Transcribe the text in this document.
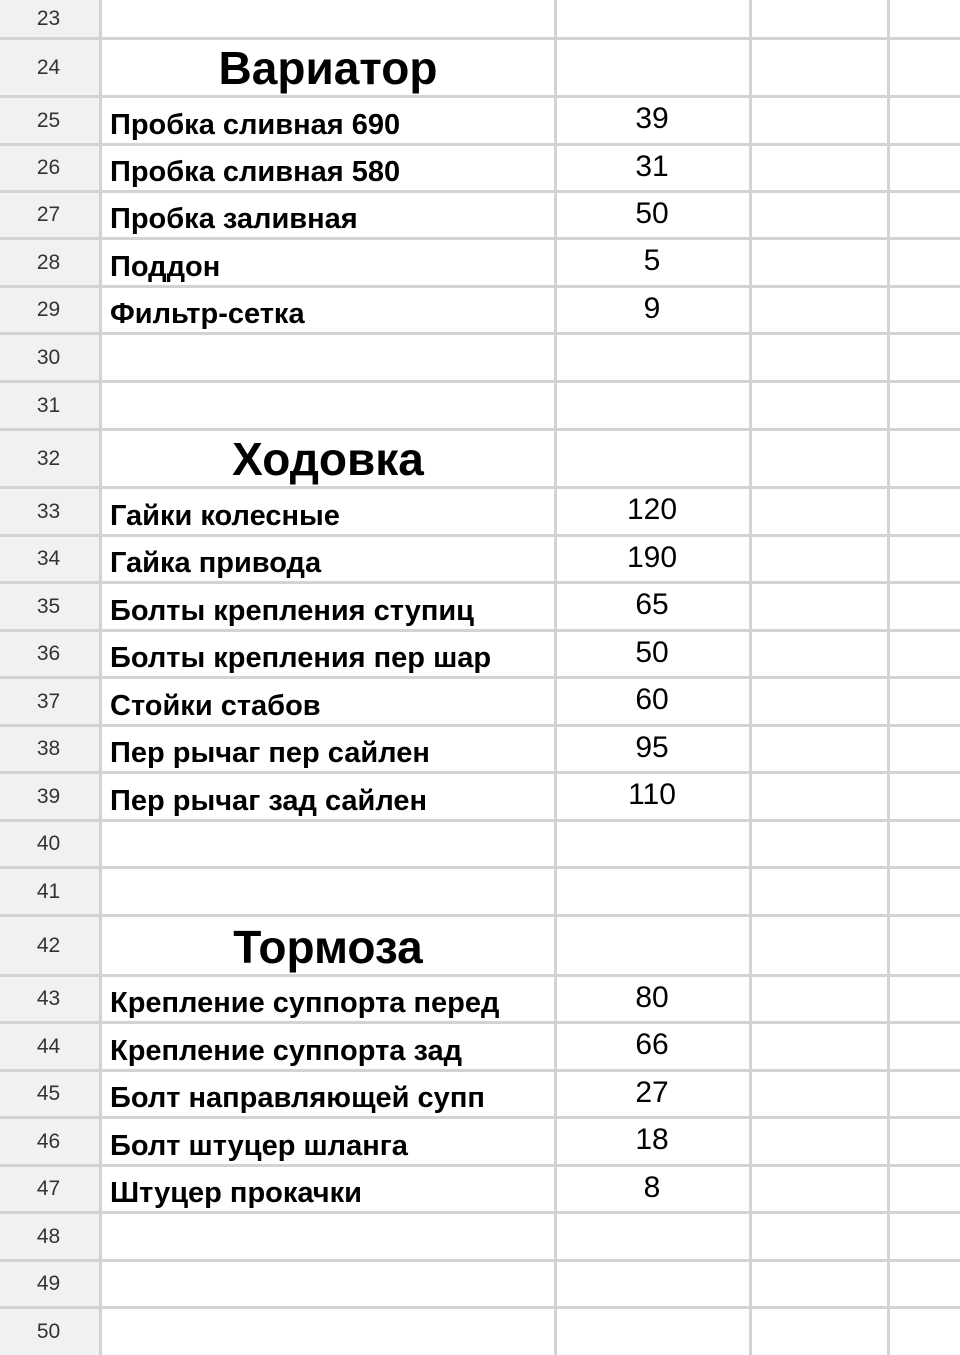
23
24	Вариатор
25	Пробка сливная 690	39
26	Пробка сливная 580	31
27	Пробка заливная	50
28	Поддон	5
29	Фильтр-сетка	9
30
31
32	Ходовка
33	Гайки колесные	120
34	Гайка привода	190
35	Болты крепления ступиц	65
36	Болты крепления пер шар	50
37	Стойки стабов	60
38	Пер рычаг пер сайлен	95
39	Пер рычаг зад сайлен	110
40
41
42	Тормоза
43	Крепление суппорта перед	80
44	Крепление суппорта зад	66
45	Болт направляющей супп	27
46	Болт штуцер шланга	18
47	Штуцер прокачки	8
48
49
50
